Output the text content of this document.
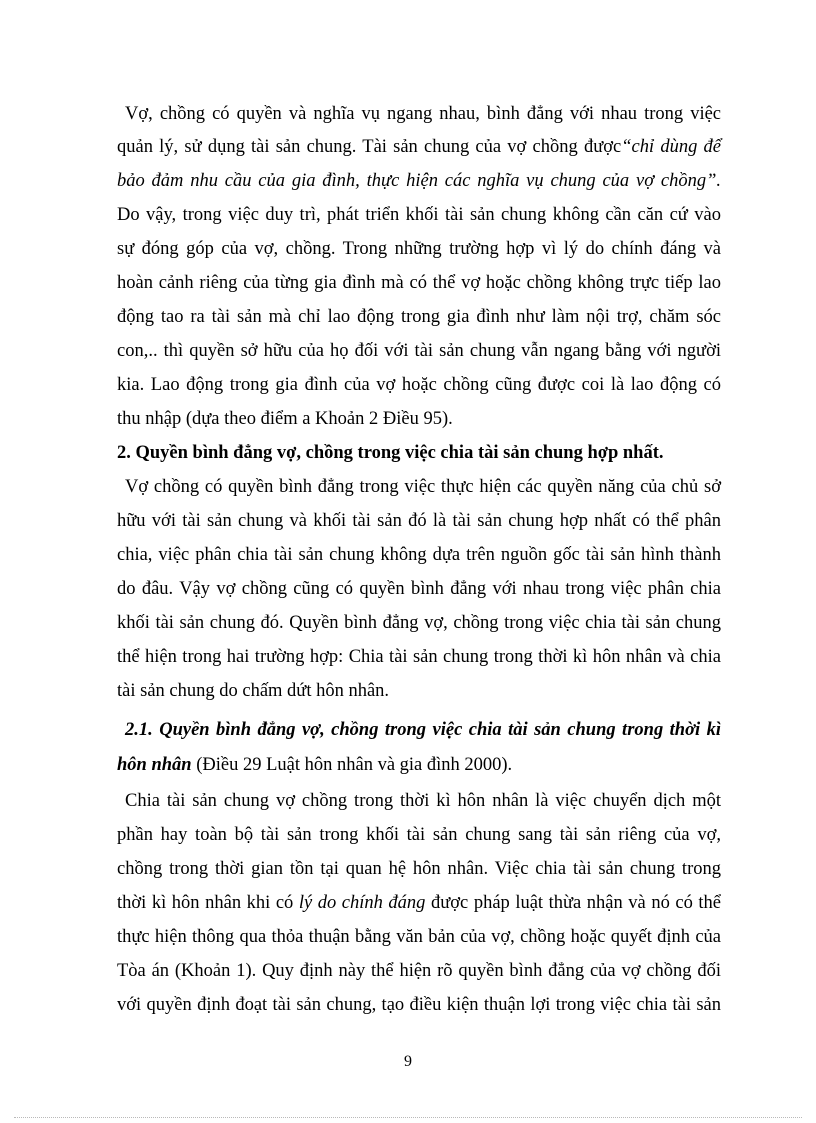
Vợ, chồng có quyền và nghĩa vụ ngang nhau, bình đẳng với nhau trong việc
quản lý, sử dụng tài sản chung. Tài sản chung của vợ chồng được“chỉ dùng để
bảo đảm nhu cầu của gia đình, thực hiện các nghĩa vụ chung của vợ chồng”.
Do vậy, trong việc duy trì, phát triển khối tài sản chung không cần căn cứ vào
sự đóng góp của vợ, chồng. Trong những trường hợp vì lý do chính đáng và
hoàn cảnh riêng của từng gia đình mà có thể vợ hoặc chồng không trực tiếp lao
động tao ra tài sản mà chỉ lao động trong gia đình như làm nội trợ, chăm sóc
con,.. thì quyền sở hữu của họ đối với tài sản chung vẫn ngang bằng với người
kia. Lao động trong gia đình của vợ hoặc chồng cũng được coi là lao động có
thu nhập (dựa theo điểm a Khoản 2 Điều 95).
2. Quyền bình đẳng vợ, chồng trong việc chia tài sản chung hợp nhất.
Vợ chồng có quyền bình đẳng trong việc thực hiện các quyền năng của chủ sở
hữu với tài sản chung và khối tài sản đó là tài sản chung hợp nhất có thể phân
chia, việc phân chia tài sản chung không dựa trên nguồn gốc tài sản hình thành
do đâu. Vậy vợ chồng cũng có quyền bình đẳng với nhau trong việc phân chia
khối tài sản chung đó. Quyền bình đẳng vợ, chồng trong việc chia tài sản chung
thể hiện trong hai trường hợp: Chia tài sản chung trong thời kì hôn nhân và chia
tài sản chung do chấm dứt hôn nhân.
2.1. Quyền bình đẳng vợ, chồng trong việc chia tài sản chung trong thời kì
hôn nhân (Điều 29 Luật hôn nhân và gia đình 2000).
Chia tài sản chung vợ chồng trong thời kì hôn nhân là việc chuyển dịch một
phần hay toàn bộ tài sản trong khối tài sản chung sang tài sản riêng của vợ,
chồng trong thời gian tồn tại quan hệ hôn nhân. Việc chia tài sản chung trong
thời kì hôn nhân khi có lý do chính đáng được pháp luật thừa nhận và nó có thể
thực hiện thông qua thỏa thuận bằng văn bản của vợ, chồng hoặc quyết định của
Tòa án (Khoản 1). Quy định này thể hiện rõ quyền bình đẳng của vợ chồng đối
với quyền định đoạt tài sản chung, tạo điều kiện thuận lợi trong việc chia tài sản
9
